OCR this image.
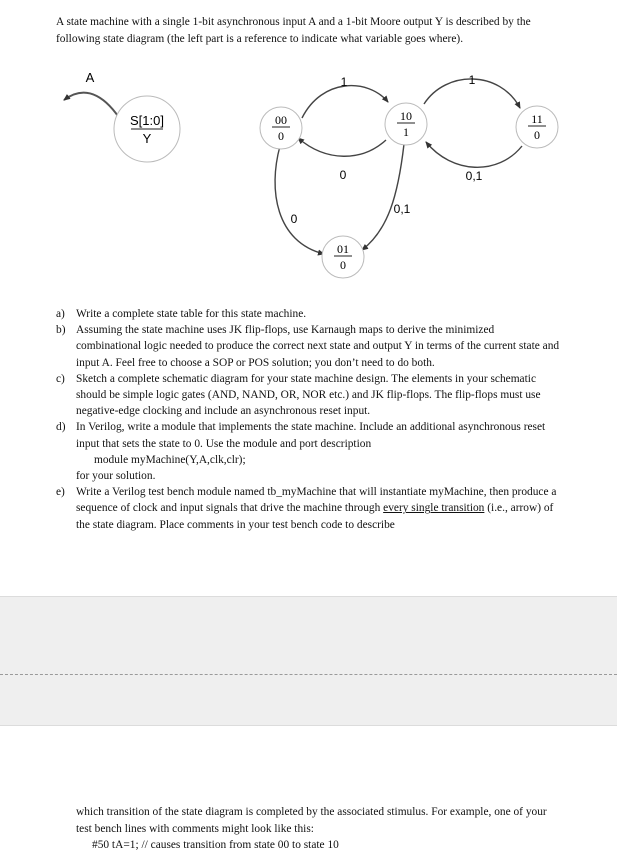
A state machine with a single 1-bit asynchronous input A and a 1-bit Moore output Y is described by the following state diagram (the left part is a reference to indicate what variable goes where).
A
S[1:0]
Y
1	1
0	0,1
0,1
0
00
0
10
1
11
0
01
0
a) Write a complete state table for this state machine.
b) Assuming the state machine uses JK flip-flops, use Karnaugh maps to derive the minimized combinational logic needed to produce the correct next state and output Y in terms of the current state and input A. Feel free to choose a SOP or POS solution; you don’t need to do both.
c) Sketch a complete schematic diagram for your state machine design. The elements in your schematic should be simple logic gates (AND, NAND, OR, NOR etc.) and JK flip-flops. The flip-flops must use negative-edge clocking and include an asynchronous reset input.
d) In Verilog, write a module that implements the state machine. Include an additional asynchronous reset input that sets the state to 0. Use the module and port description
module myMachine(Y,A,clk,clr);
for your solution.
e) Write a Verilog test bench module named tb_myMachine that will instantiate myMachine, then produce a sequence of clock and input signals that drive the machine through every single transition (i.e., arrow) of the state diagram. Place comments in your test bench code to describe
which transition of the state diagram is completed by the associated stimulus. For example, one of your test bench lines with comments might look like this:
#50 tA=1; // causes transition from state 00 to state 10
